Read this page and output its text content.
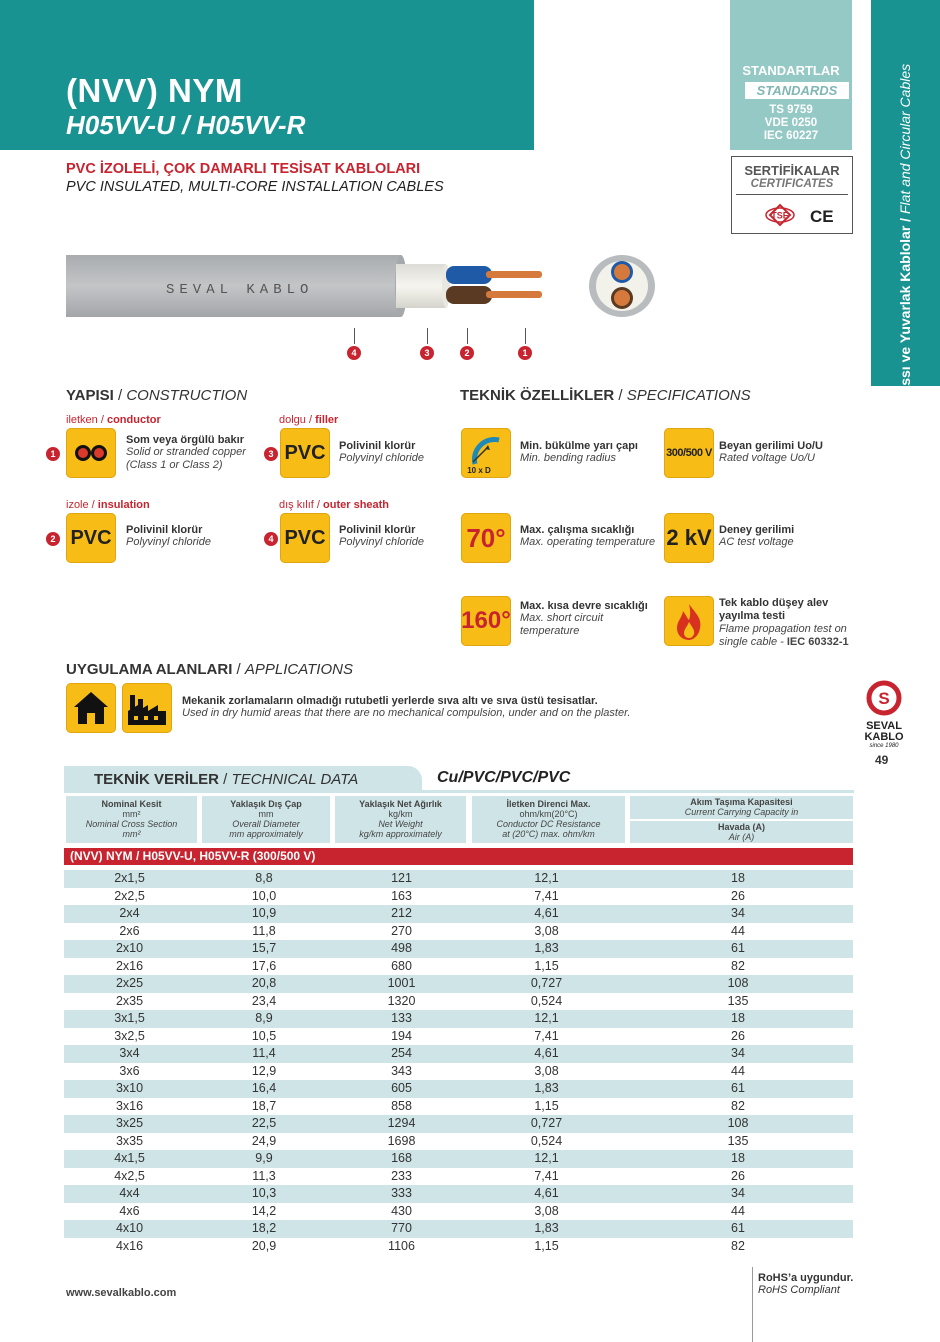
(NVV) NYM
H05VV-U / H05VV-R
STANDARTLAR
STANDARDS
TS 9759
VDE 0250
IEC 60227
SERTİFİKALAR
CERTIFICATES
TSE CE	Yassı ve Yuvarlak Kablolar / Flat and Circular Cables
PVC İZOLELİ, ÇOK DAMARLI TESİSAT KABLOLARI
PVC INSULATED, MULTI-CORE INSTALLATION CABLES
SEVAL KABLO
4	3	2	1
YAPISI / CONSTRUCTION
iletken / conductor
1
Som veya örgülü bakır
Solid or stranded copper
(Class 1 or Class 2)
dolgu / filler
3 PVC	Polivinil klorür
Polyvinyl chloride
izole / insulation
2 PVC	Polivinil klorür
Polyvinyl chloride
dış kılıf / outer sheath
4 PVC	Polivinil klorür
Polyvinyl chloride
TEKNİK ÖZELLİKLER / SPECIFICATIONS
10 x D
Min. bükülme yarı çapı
Min. bending radius	300/500 V
Beyan gerilimi Uo/U
Rated voltage Uo/U
70°	Max. çalışma sıcaklığı
Max. operating temperature 2 kV Deney gerilimi
AC test voltage
160°
Max. kısa devre sıcaklığı
Max. short circuit temperature
Tek kablo düşey alev yayılma testi
Flame propagation test on single cable - IEC 60332-1
UYGULAMA ALANLARI / APPLICATIONS
Mekanik zorlamaların olmadığı rutubetli yerlerde sıva altı ve sıva üstü tesisatlar.
Used in dry humid areas that there are no mechanical compulsion, under and on the plaster.
S
SEVAL
KABLO
since 1980
49
TEKNİK VERİLER / TECHNICAL DATA	Cu/PVC/PVC/PVC
Nominal Kesit
mm²
Nominal Cross Section
mm²
Yaklaşık Dış Çap
mm
Overall Diameter
mm approximately
Yaklaşık Net Ağırlık
kg/km
Net Weight
kg/km approximately
İletken Direnci Max.
ohm/km(20°C)
Conductor DC Resistance
at (20°C) max. ohm/km
Akım Taşıma Kapasitesi
Current Carrying Capacity in
Havada (A)
Air (A)
(NVV) NYM / H05VV-U, H05VV-R (300/500 V)
2x1,5	8,8	121	12,1	18
2x2,5	10,0	163	7,41	26
2x4	10,9	212	4,61	34
2x6	11,8	270	3,08	44
2x10	15,7	498	1,83	61
2x16	17,6	680	1,15	82
2x25	20,8	1001	0,727	108
2x35	23,4	1320	0,524	135
3x1,5	8,9	133	12,1	18
3x2,5	10,5	194	7,41	26
3x4	11,4	254	4,61	34
3x6	12,9	343	3,08	44
3x10	16,4	605	1,83	61
3x16	18,7	858	1,15	82
3x25	22,5	1294	0,727	108
3x35	24,9	1698	0,524	135
4x1,5	9,9	168	12,1	18
4x2,5	11,3	233	7,41	26
4x4	10,3	333	4,61	34
4x6	14,2	430	3,08	44
4x10	18,2	770	1,83	61
4x16	20,9	1106	1,15	82
www.sevalkablo.com
RoHS’a uygundur.
RoHS Compliant
